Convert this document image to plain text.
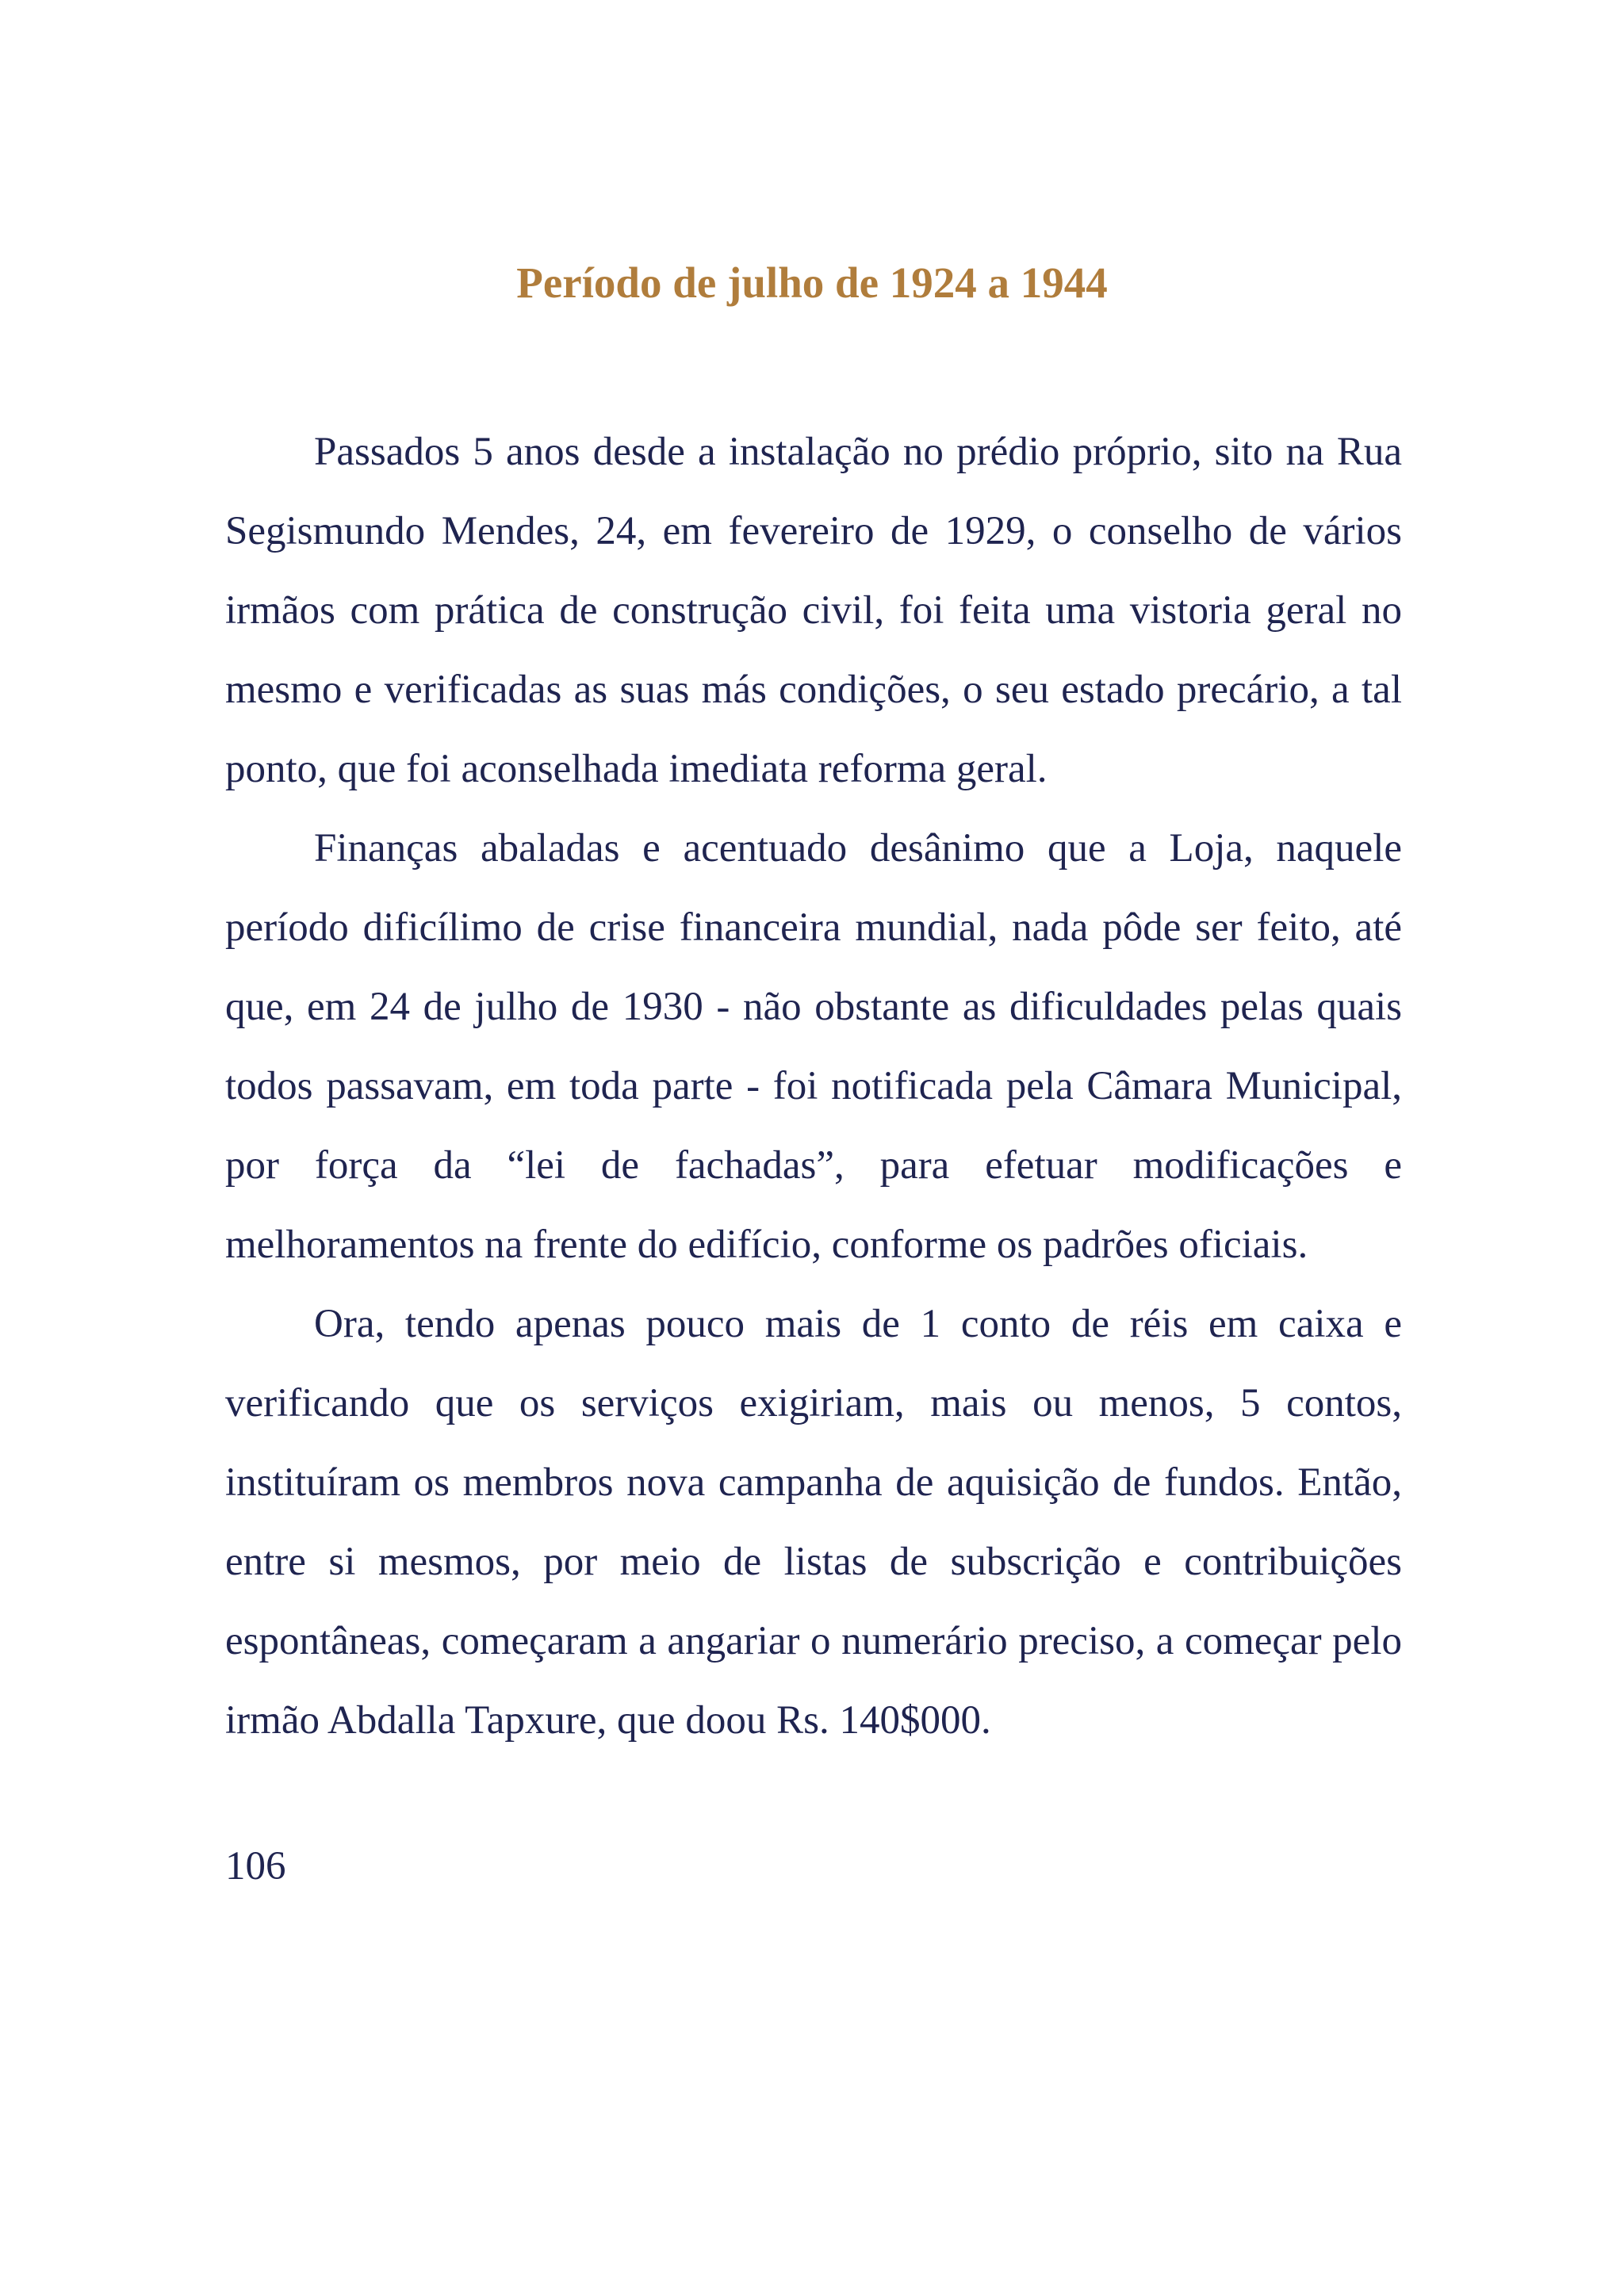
Período de julho de 1924 a 1944

Passados 5 anos desde a instalação no prédio próprio, sito na Rua Segismundo Mendes, 24, em fevereiro de 1929, o conselho de vários irmãos com prática de construção civil, foi feita uma vistoria geral no mesmo e verificadas as suas más condições, o seu estado precário, a tal ponto, que foi aconselhada imediata reforma geral.

Finanças abaladas e acentuado desânimo que a Loja, naquele período dificílimo de crise financeira mundial, nada pôde ser feito, até que, em 24 de julho de 1930 - não obstante as dificuldades pelas quais todos passavam, em toda parte - foi notificada pela Câmara Municipal, por força da “lei de fachadas”, para efetuar modificações e melhoramentos na frente do edifício, conforme os padrões oficiais.

Ora, tendo apenas pouco mais de 1 conto de réis em caixa e verificando que os serviços exigiriam, mais ou menos, 5 contos, instituíram os membros nova campanha de aquisição de fundos. Então, entre si mesmos, por meio de listas de subscrição e contribuições espontâneas, começaram a angariar o numerário preciso, a começar pelo irmão Abdalla Tapxure, que doou Rs. 140$000.

106
